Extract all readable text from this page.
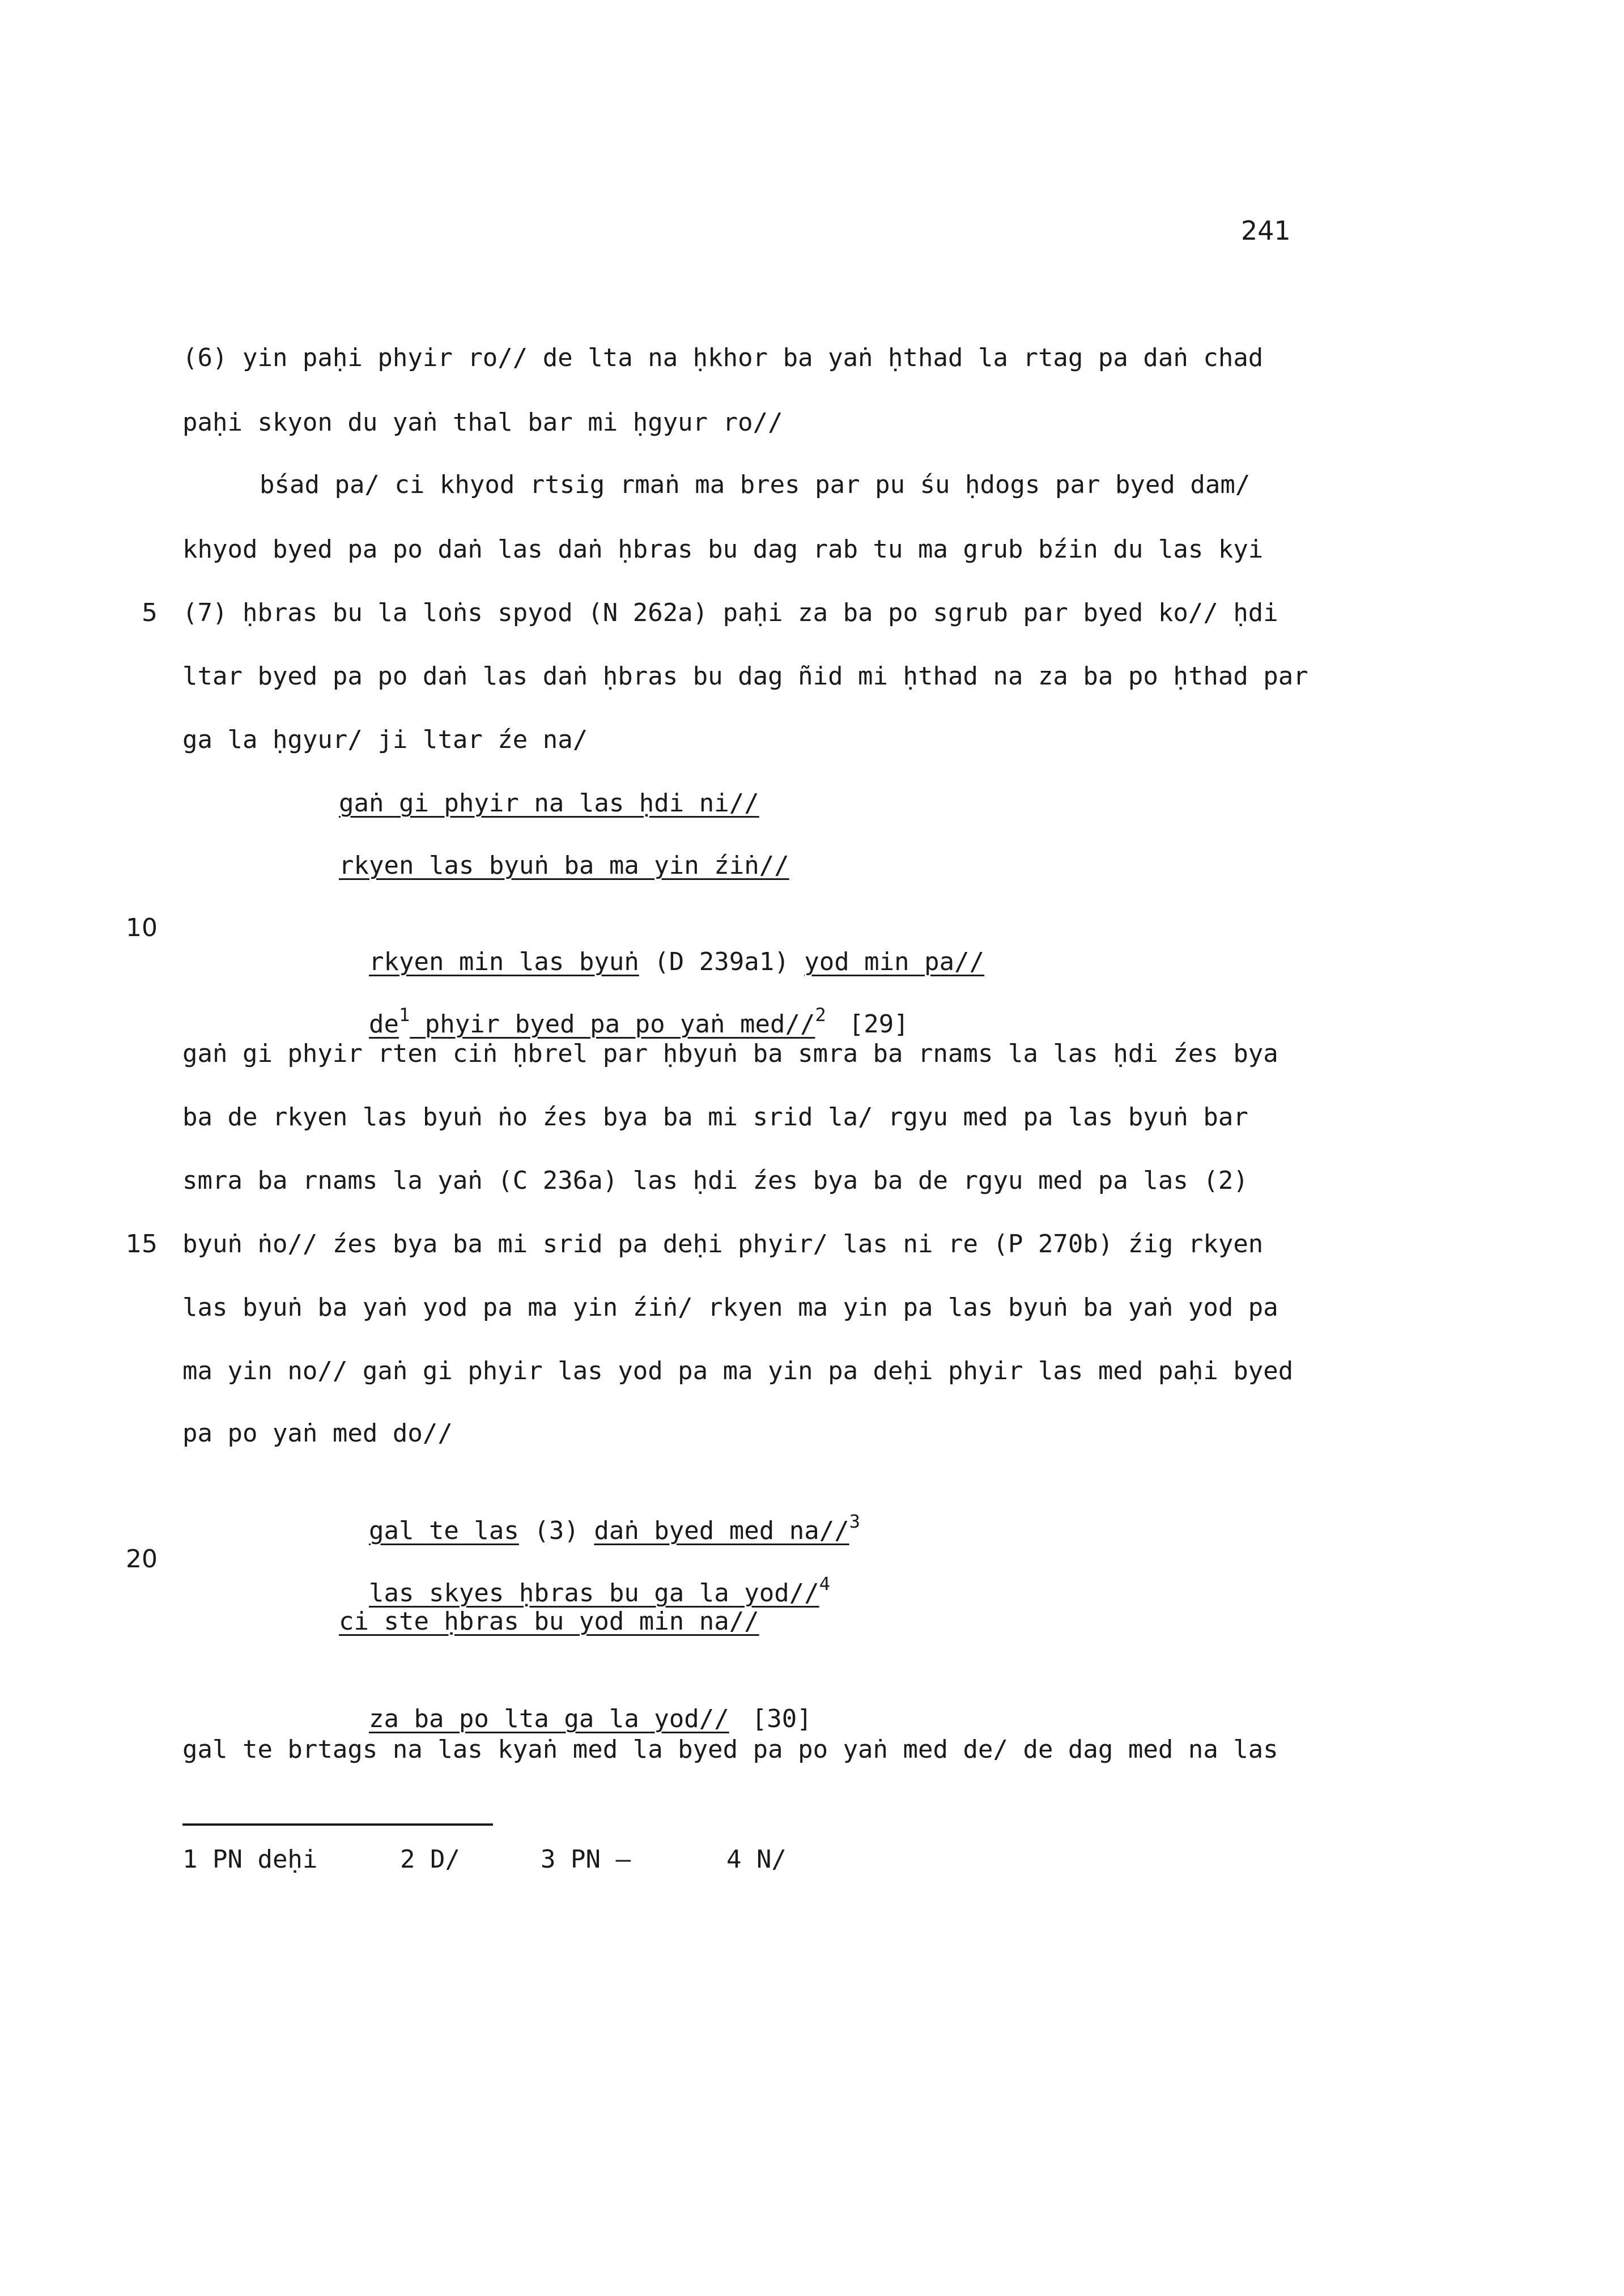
241
(6) yin paḥi phyir ro// de lta na ḥkhor ba yaṅ ḥthad la rtag pa daṅ chad
paḥi skyon du yaṅ thal bar mi ḥgyur ro//
bśad pa/ ci khyod rtsig rmaṅ ma bres par pu śu ḥdogs par byed dam/
khyod byed pa po daṅ las daṅ ḥbras bu dag rab tu ma grub bźin du las kyi
5 (7) ḥbras bu la loṅs spyod (N 262a) paḥi za ba po sgrub par byed ko// ḥdi
ltar byed pa po daṅ las daṅ ḥbras bu dag ñid mi ḥthad na za ba po ḥthad par
ga la ḥgyur/ ji ltar źe na/
gaṅ gi phyir na las ḥdi ni//
rkyen las byuṅ ba ma yin źiṅ//
10

rkyen min las byuṅ (D 239a1) yod min pa//

$de^1$ phyir byed pa po yaṅ med//$^2$ [29]

gaṅ gi phyir rten ciṅ ḥbrel par ḥbyuṅ ba smra ba rnams la las ḥdi źes bya
ba de rkyen las byuṅ ṅo źes bya ba mi srid la/ rgyu med pa las byuṅ bar
smra ba rnams la yaṅ (C 236a) las ḥdi źes bya ba de rgyu med pa las (2)
15 byuṅ ṅo// źes bya ba mi srid pa deḥi phyir/ las ni re (P 270b) źig rkyen
las byuṅ ba yaṅ yod pa ma yin źiṅ/ rkyen ma yin pa las byuṅ ba yaṅ yod pa
ma yin no// gaṅ gi phyir las yod pa ma yin pa deḥi phyir las med paḥi byed
pa po yaṅ med do//

gal te las (3) daṅ byed med na//$^3$

20

las skyes ḥbras bu ga la yod//$^4$

ci ste ḥbras bu yod min na//

za ba po lta ga la yod// [30]

gal te brtags na las kyaṅ med la byed pa po yaṅ med de/ de dag med na las
1 PN deḥi	2 D/	3 PN —	4 N/
